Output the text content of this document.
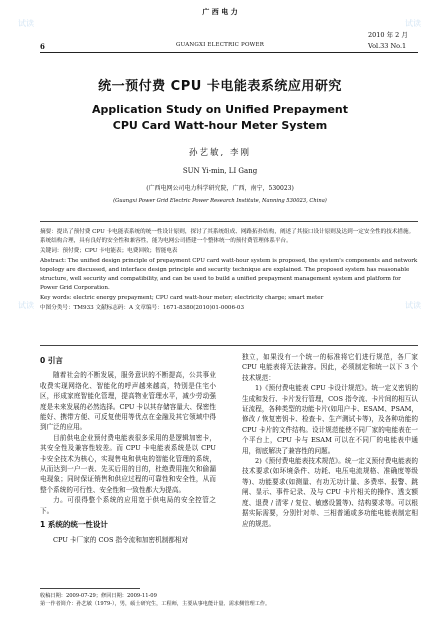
广 西 电 力
6	GUANGXI ELECTRIC POWER
2010 年 2 月
Vol.33 No.1
统一预付费 CPU 卡电能表系统应用研究
Application Study on Unified Prepayment
CPU Card Watt-hour Meter System
孙艺敏, 李刚
SUN Yi-min, LI Gang
(广西电网公司电力科学研究院，广西，南宁，530023)
(Guangxi Power Grid Electric Power Research Institute, Nanning 530023, China)

摘要：提出了预付费 CPU 卡电能表系统的统一性设计原则，探讨了其系统组成、网路拓扑结构，阐述了其接口设计原则及达到一定安全性的技术措施。系统结构合理，具有良好的安全性和兼容性，能为电网公司搭建一个整体统一的预付费管理体系平台。

关键词：预付费；CPU 卡电能表；电费回收；智能电表

Abstract: The unified design principle of prepayment CPU card watt-hour system is proposed, the system's components and network topology are discussed, and interface design principle and security technique are explained. The proposed system has reasonable structure, well security and compatibility, and can be used to build a unified prepayment management system and platform for Power Grid Corporation.

Key words: electric energy prepayment; CPU card watt-hour meter; electricity charge; smart meter

中图分类号：TM933 文献标志码：A 文章编号：1671-8380(2010)01-0006-03

0 引言

随着社会的不断发展，服务意识的不断提高，公共事业收费实现网络化、智能化的呼声越来越高，特别是住宅小区，形成家庭智能化管理，提高物业管理水平，减少劳动强度是未来发展的必然选择。CPU 卡以其存储容量大、保密性能好、携带方便、可反复使用等优点在金融及其它领域中得到广泛的应用。

目前供电企业预付费电能表很多采用的是逻辑加密卡，其安全性及兼容性较差。而 CPU 卡电能表系统是以 CPU 卡安全技术为核心，实现售电和供电的智能化管理的系统，从而达到一户一表、先买后用的目的，杜绝费用拖欠和偷漏电现象；同时保证销售和供应过程的可靠性和安全性，从而整个系统的可行性、安全性和一致性都大为提高。

力。可很得整个系统的应用宽于供电局的安全控管之下。

1 系统的统一性设计

CPU 卡厂家的 COS 指令流和加密机制都相对

独立，如果没有一个统一的标准将它们进行规范，各厂家 CPU 电能表将无法兼容。因此，必须制定和统一以下 3 个技术规范：

1)《预付费电能表 CPU 卡设计规范》。统一定义密钥的生成和发行、卡片发行管理，COS 指令流、卡片间的相互认证流程，各种类型的功能卡片(如用户卡、ESAM、PSAM，修改 / 恢复密钥卡、检查卡、生产测试卡等)，及各种功能的 CPU 卡片的文件结构。设计规范能使不同厂家的电能表在一个平台上，CPU 卡与 ESAM 可以在不同厂的电能表中通用，彻底解决了兼容性的问题。

2)《预付费电能表技术规范》。统一定义预付费电能表的技术要求(如环境条件、功耗、电压电流规格、准确度等级等)、功能要求(如测量、有功无功计量、多费率、报警、跳闸、显示、事件记录、及与 CPU 卡片相关的操作、透支额度、退费 / 清零 / 复位、敏感设置等)、结构要求等。可以根据实际需要，分别针对单、三相普通或多功能电能表制定相应的规范。

收稿日期：2009-07-29；修回日期：2009-11-09
第一作者简介：孙艺敏（1979-），男，硕士研究生，工程师，主要从事电能计量、需求侧管理工作。
试读	试读
试读	试读
